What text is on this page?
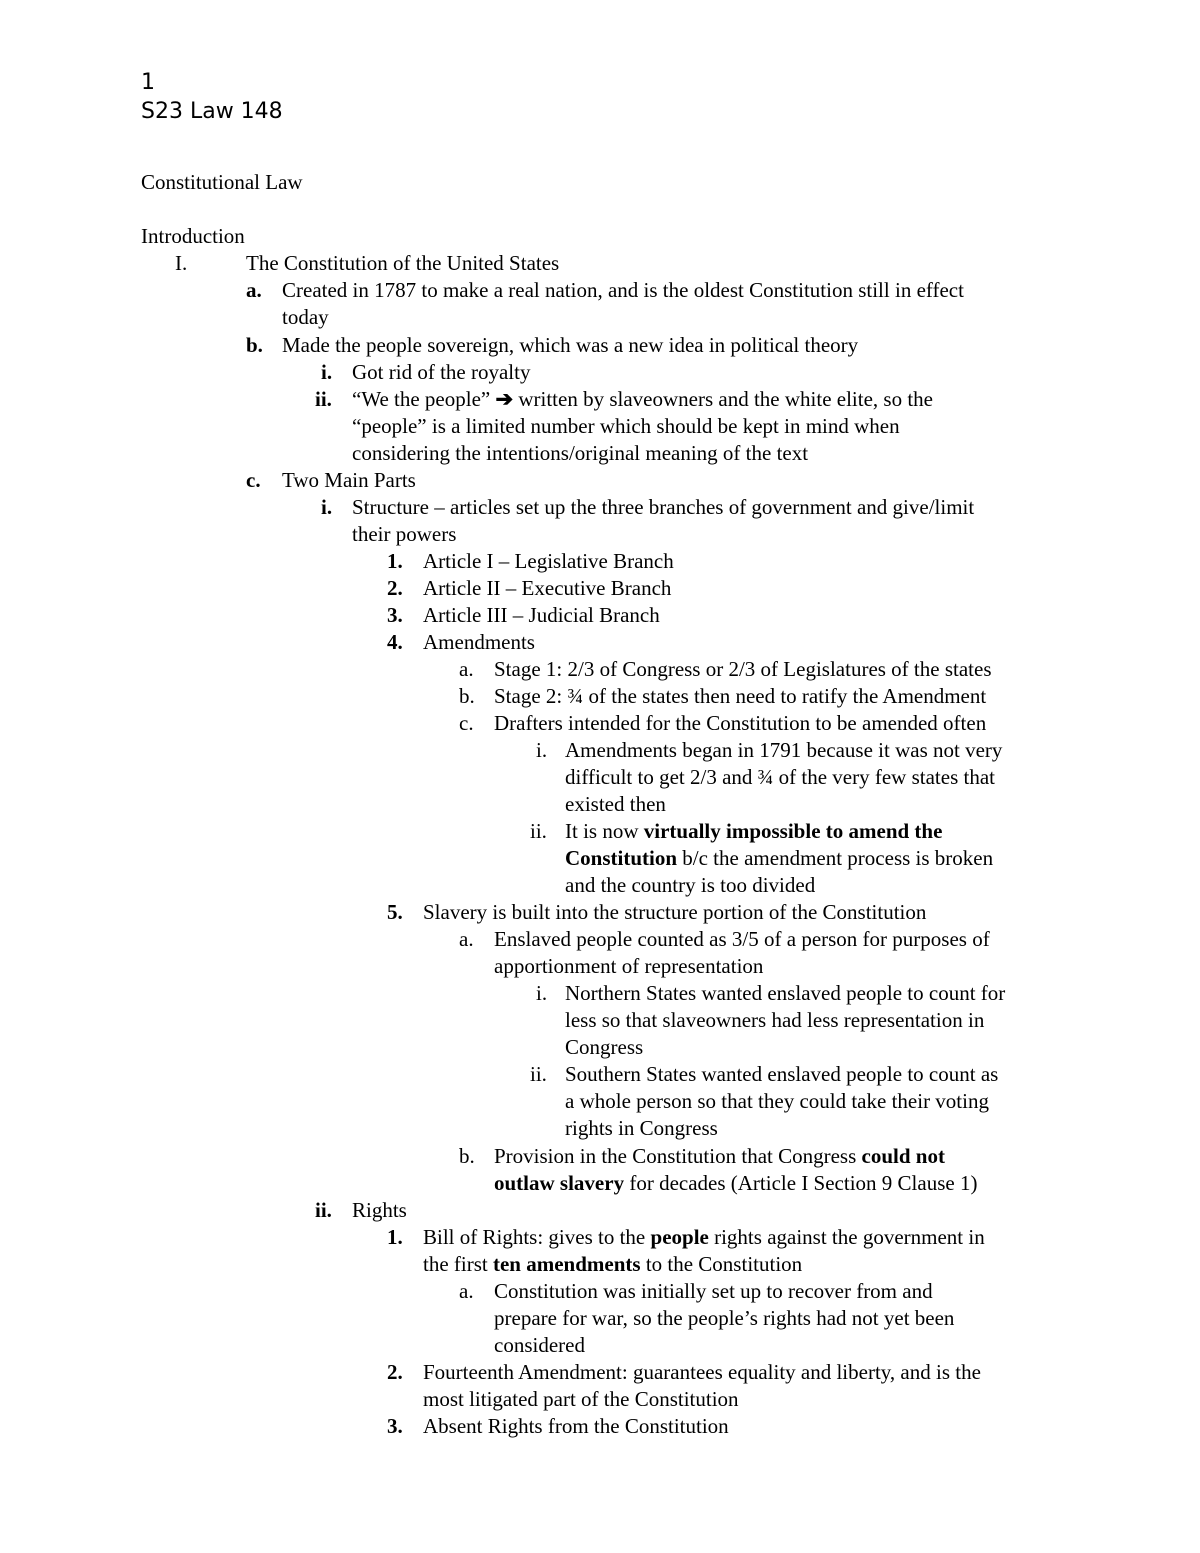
1
S23 Law 148
Constitutional Law
Introduction
I.	The Constitution of the United States
a. Created in 1787 to make a real nation, and is the oldest Constitution still in effect
today
b. Made the people sovereign, which was a new idea in political theory
i. Got rid of the royalty
ii. “We the people” ➔ written by slaveowners and the white elite, so the
“people” is a limited number which should be kept in mind when
considering the intentions/original meaning of the text
c. Two Main Parts
i. Structure – articles set up the three branches of government and give/limit
their powers
1. Article I – Legislative Branch
2. Article II – Executive Branch
3. Article III – Judicial Branch
4. Amendments
a. Stage 1: 2/3 of Congress or 2/3 of Legislatures of the states
b. Stage 2: ¾ of the states then need to ratify the Amendment
c. Drafters intended for the Constitution to be amended often
i. Amendments began in 1791 because it was not very
difficult to get 2/3 and ¾ of the very few states that
existed then
ii. It is now virtually impossible to amend the
Constitution b/c the amendment process is broken
and the country is too divided
5. Slavery is built into the structure portion of the Constitution
a. Enslaved people counted as 3/5 of a person for purposes of
apportionment of representation
i. Northern States wanted enslaved people to count for
less so that slaveowners had less representation in
Congress
ii. Southern States wanted enslaved people to count as
a whole person so that they could take their voting
rights in Congress
b. Provision in the Constitution that Congress could not
outlaw slavery for decades (Article I Section 9 Clause 1)
ii. Rights
1. Bill of Rights: gives to the people rights against the government in
the first ten amendments to the Constitution
a. Constitution was initially set up to recover from and
prepare for war, so the people’s rights had not yet been
considered
2. Fourteenth Amendment: guarantees equality and liberty, and is the
most litigated part of the Constitution
3. Absent Rights from the Constitution
